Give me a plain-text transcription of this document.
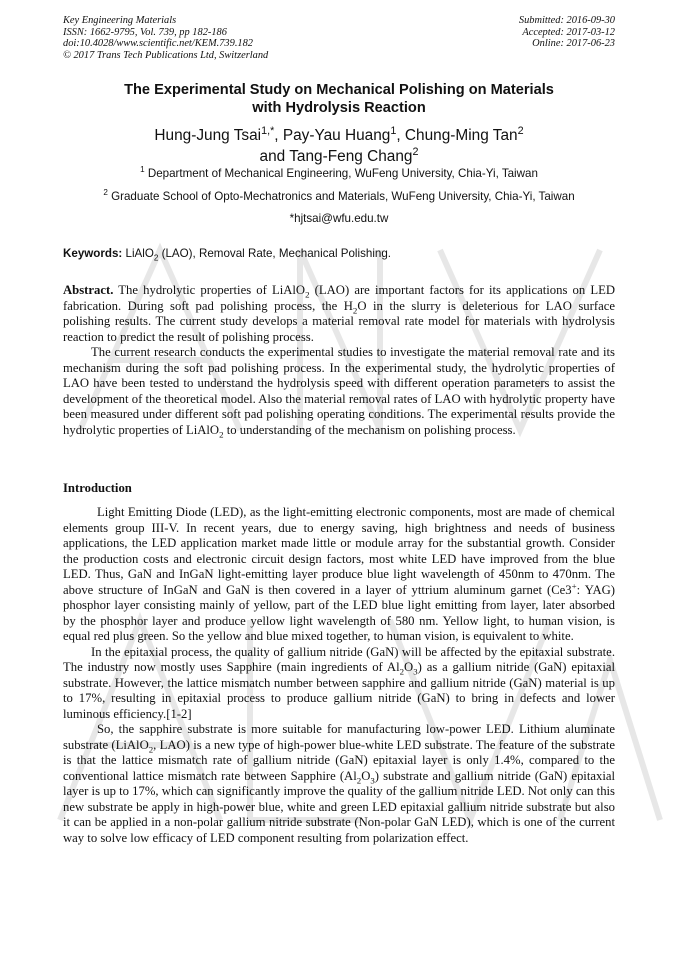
Key Engineering Materials
ISSN: 1662-9795, Vol. 739, pp 182-186
doi:10.4028/www.scientific.net/KEM.739.182
© 2017 Trans Tech Publications Ltd, Switzerland
Submitted: 2016-09-30
Accepted: 2017-03-12
Online: 2017-06-23
The Experimental Study on Mechanical Polishing on Materials
with Hydrolysis Reaction
Hung-Jung Tsai$^{1,*}$, Pay-Yau Huang$^1$, Chung-Ming Tan$^2$
and Tang-Feng Chang$^2$
$^1$ Department of Mechanical Engineering, WuFeng University, Chia-Yi, Taiwan
$^2$ Graduate School of Opto-Mechatronics and Materials, WuFeng University, Chia-Yi, Taiwan
*hjtsai@wfu.edu.tw
Keywords: LiAlO$_2$ (LAO), Removal Rate, Mechanical Polishing.

Abstract. The hydrolytic properties of LiAlO$_2$ (LAO) are important factors for its applications on LED fabrication. During soft pad polishing process, the $H_2O$ in the slurry is deleterious for LAO surface polishing results. The current study develops a material removal rate model for materials with hydrolysis reaction to predict the result of polishing process.

The current research conducts the experimental studies to investigate the material removal rate and its mechanism during the soft pad polishing process. In the experimental study, the hydrolytic properties of LAO have been tested to understand the hydrolysis speed with different operation parameters to assist the development of the theoretical model. Also the material removal rates of LAO with hydrolytic property have been measured under different soft pad polishing operating conditions. The experimental results provide the hydrolytic properties of LiAlO$_2$ to understanding of the mechanism on polishing process.

Introduction

Light Emitting Diode (LED), as the light-emitting electronic components, most are made of chemical elements group III-V. In recent years, due to energy saving, high brightness and needs of business applications, the LED application market made little or module array for the substantial growth. Consider the production costs and electronic circuit design factors, most white LED have improved from the blue LED. Thus, GaN and InGaN light-emitting layer produce blue light wavelength of 450nm to 470nm. The above structure of InGaN and GaN is then covered in a layer of yttrium aluminum garnet (Ce3+: YAG) phosphor layer consisting mainly of yellow, part of the LED blue light emitting from layer, later absorbed by the phosphor layer and produce yellow light wavelength of 580 nm. Yellow light, to human vision, is equal red plus green. So the yellow and blue mixed together, to human vision, is equivalent to white.

In the epitaxial process, the quality of gallium nitride (GaN) will be affected by the epitaxial substrate. The industry now mostly uses Sapphire (main ingredients of $Al_2O_3$) as a gallium nitride (GaN) epitaxial substrate. However, the lattice mismatch number between sapphire and gallium nitride (GaN) material is up to 17%, resulting in epitaxial process to produce gallium nitride (GaN) to bring in defects and lower luminous efficiency.[1-2]

So, the sapphire substrate is more suitable for manufacturing low-power LED. Lithium aluminate substrate (LiAlO$_2$, LAO) is a new type of high-power blue-white LED substrate. The feature of the substrate is that the lattice mismatch rate of gallium nitride (GaN) epitaxial layer is only 1.4%, compared to the conventional lattice mismatch rate between Sapphire $(Al_2O_3)$ substrate and gallium nitride (GaN) epitaxial layer is up to 17%, which can significantly improve the quality of the gallium nitride LED. Not only can this new substrate be apply in high-power blue, white and green LED epitaxial gallium nitride substrate but also it can be applied in a non-polar gallium nitride substrate (Non-polar GaN LED), which is one of the current way to solve low efficacy of LED component resulting from polarization effect.
